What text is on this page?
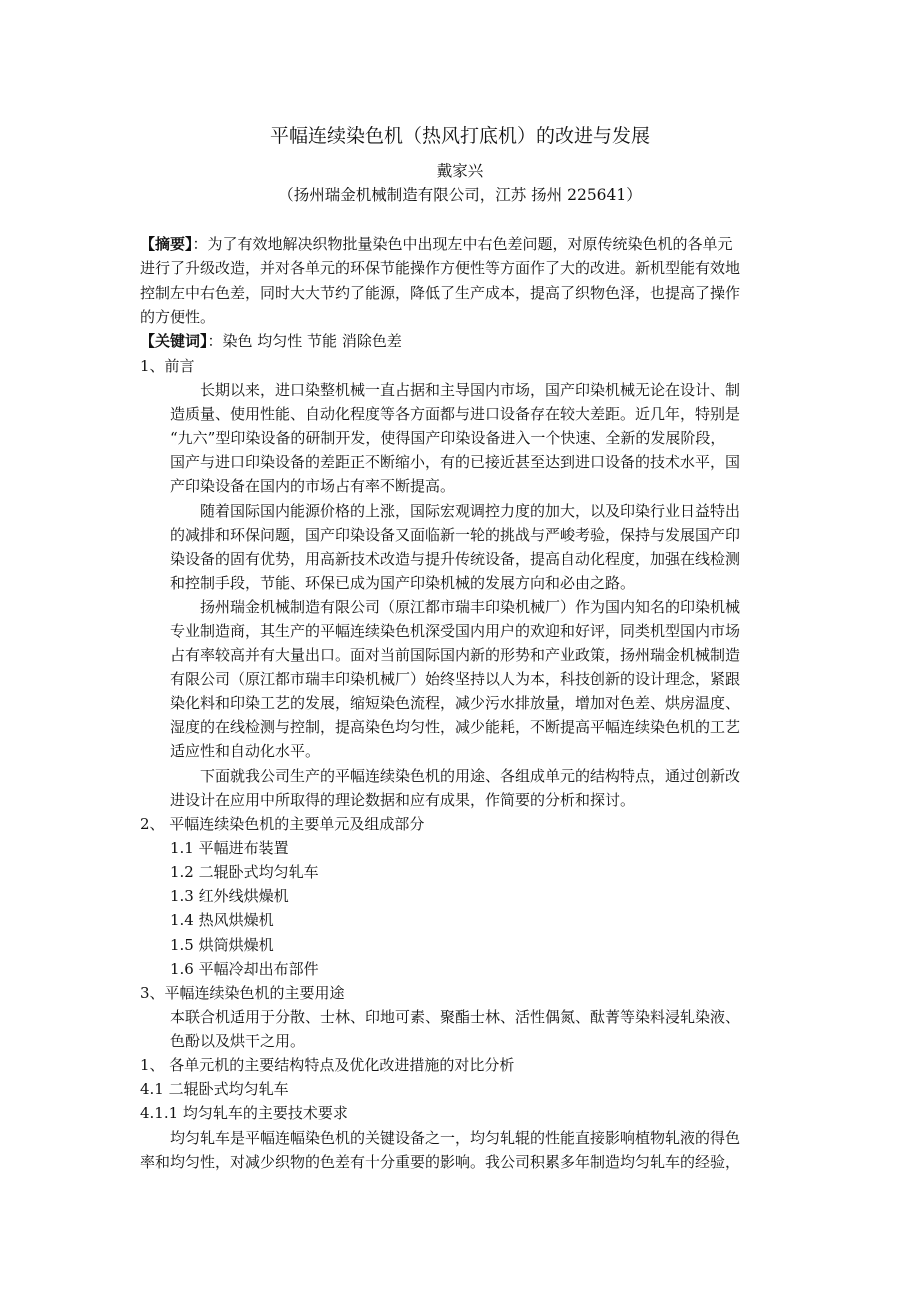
平幅连续染色机（热风打底机）的改进与发展
戴家兴
（扬州瑞金机械制造有限公司，江苏 扬州 225641）
【摘要】：为了有效地解决织物批量染色中出现左中右色差问题，对原传统染色机的各单元
进行了升级改造，并对各单元的环保节能操作方便性等方面作了大的改进。新机型能有效地
控制左中右色差，同时大大节约了能源，降低了生产成本，提高了织物色泽，也提高了操作
的方便性。
【关键词】：染色 均匀性 节能 消除色差
1、前言
长期以来，进口染整机械一直占据和主导国内市场，国产印染机械无论在设计、制
造质量、使用性能、自动化程度等各方面都与进口设备存在较大差距。近几年，特别是
“九六”型印染设备的研制开发，使得国产印染设备进入一个快速、全新的发展阶段，
国产与进口印染设备的差距正不断缩小，有的已接近甚至达到进口设备的技术水平，国
产印染设备在国内的市场占有率不断提高。
随着国际国内能源价格的上涨，国际宏观调控力度的加大，以及印染行业日益特出
的减排和环保问题，国产印染设备又面临新一轮的挑战与严峻考验，保持与发展国产印
染设备的固有优势，用高新技术改造与提升传统设备，提高自动化程度，加强在线检测
和控制手段，节能、环保已成为国产印染机械的发展方向和必由之路。
扬州瑞金机械制造有限公司（原江都市瑞丰印染机械厂）作为国内知名的印染机械
专业制造商，其生产的平幅连续染色机深受国内用户的欢迎和好评，同类机型国内市场
占有率较高并有大量出口。面对当前国际国内新的形势和产业政策，扬州瑞金机械制造
有限公司（原江都市瑞丰印染机械厂）始终坚持以人为本，科技创新的设计理念，紧跟
染化料和印染工艺的发展，缩短染色流程，减少污水排放量，增加对色差、烘房温度、
湿度的在线检测与控制，提高染色均匀性，减少能耗，不断提高平幅连续染色机的工艺
适应性和自动化水平。
下面就我公司生产的平幅连续染色机的用途、各组成单元的结构特点，通过创新改
进设计在应用中所取得的理论数据和应有成果，作简要的分析和探讨。
2、 平幅连续染色机的主要单元及组成部分
1.1 平幅进布装置
1.2 二辊卧式均匀轧车
1.3 红外线烘燥机
1.4 热风烘燥机
1.5 烘筒烘燥机
1.6 平幅冷却出布部件
3、平幅连续染色机的主要用途
本联合机适用于分散、士林、印地可素、聚酯士林、活性偶氮、酞菁等染料浸轧染液、
色酚以及烘干之用。
1、 各单元机的主要结构特点及优化改进措施的对比分析
4.1 二辊卧式均匀轧车
4.1.1 均匀轧车的主要技术要求
均匀轧车是平幅连幅染色机的关键设备之一，均匀轧辊的性能直接影响植物轧液的得色
率和均匀性，对减少织物的色差有十分重要的影响。我公司积累多年制造均匀轧车的经验，
